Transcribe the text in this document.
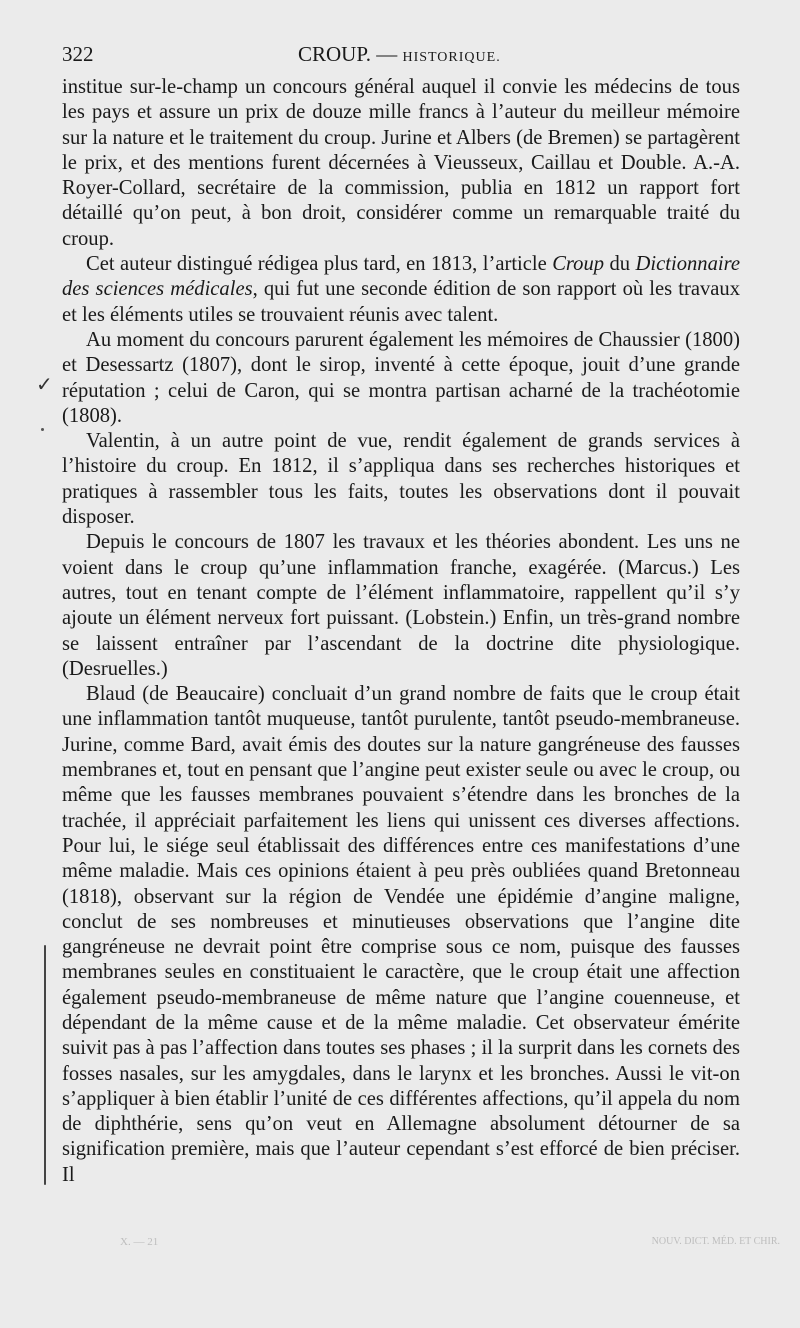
322	CROUP. — HISTORIQUE.

institue sur-le-champ un concours général auquel il convie les médecins de tous les pays et assure un prix de douze mille francs à l’auteur du meilleur mémoire sur la nature et le traitement du croup. Jurine et Albers (de Bremen) se partagèrent le prix, et des mentions furent décernées à Vieusseux, Caillau et Double. A.-A. Royer-Collard, secrétaire de la commission, publia en 1812 un rapport fort détaillé qu’on peut, à bon droit, considérer comme un remarquable traité du croup.

Cet auteur distingué rédigea plus tard, en 1813, l’article Croup du Dictionnaire des sciences médicales, qui fut une seconde édition de son rapport où les travaux et les éléments utiles se trouvaient réunis avec talent.

Au moment du concours parurent également les mémoires de Chaussier (1800) et Desessartz (1807), dont le sirop, inventé à cette époque, jouit d’une grande réputation ; celui de Caron, qui se montra partisan acharné de la trachéotomie (1808).

Valentin, à un autre point de vue, rendit également de grands services à l’histoire du croup. En 1812, il s’appliqua dans ses recherches historiques et pratiques à rassembler tous les faits, toutes les observations dont il pouvait disposer.

Depuis le concours de 1807 les travaux et les théories abondent. Les uns ne voient dans le croup qu’une inflammation franche, exagérée. (Marcus.) Les autres, tout en tenant compte de l’élément inflammatoire, rappellent qu’il s’y ajoute un élément nerveux fort puissant. (Lobstein.) Enfin, un très-grand nombre se laissent entraîner par l’ascendant de la doctrine dite physiologique. (Desruelles.)

Blaud (de Beaucaire) concluait d’un grand nombre de faits que le croup était une inflammation tantôt muqueuse, tantôt purulente, tantôt pseudo-membraneuse. Jurine, comme Bard, avait émis des doutes sur la nature gangréneuse des fausses membranes et, tout en pensant que l’angine peut exister seule ou avec le croup, ou même que les fausses membranes pouvaient s’étendre dans les bronches de la trachée, il appréciait parfaitement les liens qui unissent ces diverses affections. Pour lui, le siége seul établissait des différences entre ces manifestations d’une même maladie. Mais ces opinions étaient à peu près oubliées quand Bretonneau (1818), observant sur la région de Vendée une épidémie d’angine maligne, conclut de ses nombreuses et minutieuses observations que l’angine dite gangréneuse ne devrait point être comprise sous ce nom, puisque des fausses membranes seules en constituaient le caractère, que le croup était une affection également pseudo-membraneuse de même nature que l’angine couenneuse, et dépendant de la même cause et de la même maladie. Cet observateur émérite suivit pas à pas l’affection dans toutes ses phases ; il la surprit dans les cornets des fosses nasales, sur les amygdales, dans le larynx et les bronches. Aussi le vit-on s’appliquer à bien établir l’unité de ces différentes affections, qu’il appela du nom de diphthérie, sens qu’on veut en Allemagne absolument détourner de sa signification première, mais que l’auteur cependant s’est efforcé de bien préciser. Il

✓
X. — 21	NOUV. DICT. MÉD. ET CHIR.
